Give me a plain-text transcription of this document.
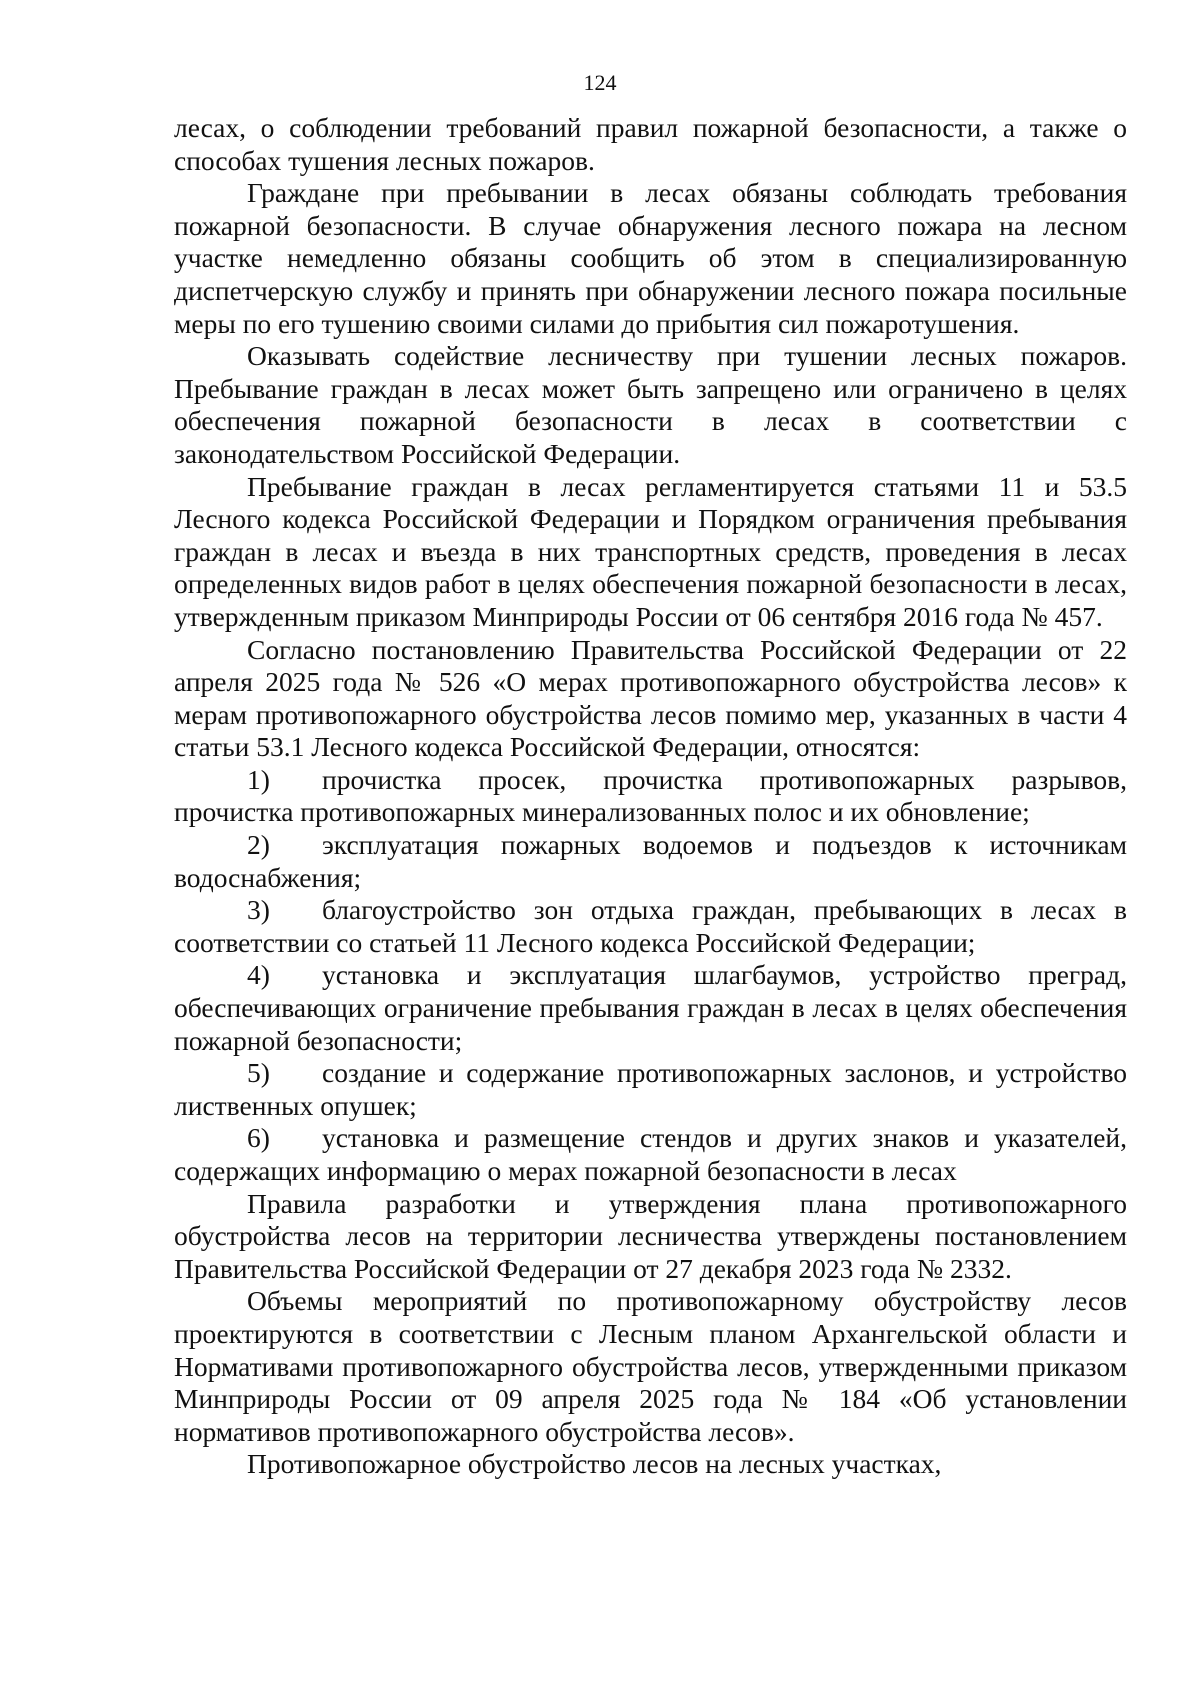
124

лесах, о соблюдении требований правил пожарной безопасности, а также о способах тушения лесных пожаров.

Граждане при пребывании в лесах обязаны соблюдать требования пожарной безопасности. В случае обнаружения лесного пожара на лесном участке немедленно обязаны сообщить об этом в специализированную диспетчерскую службу и принять при обнаружении лесного пожара посильные меры по его тушению своими силами до прибытия сил пожаротушения.

Оказывать содействие лесничеству при тушении лесных пожаров. Пребывание граждан в лесах может быть запрещено или ограничено в целях обеспечения пожарной безопасности в лесах в соответствии с законодательством Российской Федерации.

Пребывание граждан в лесах регламентируется статьями 11 и 53.5 Лесного кодекса Российской Федерации и Порядком ограничения пребывания граждан в лесах и въезда в них транспортных средств, проведения в лесах определенных видов работ в целях обеспечения пожарной безопасности в лесах, утвержденным приказом Минприроды России от 06 сентября 2016 года № 457.

Согласно постановлению Правительства Российской Федерации от 22 апреля 2025 года № 526 «О мерах противопожарного обустройства лесов» к мерам противопожарного обустройства лесов помимо мер, указанных в части 4 статьи 53.1 Лесного кодекса Российской Федерации, относятся:

1) прочистка просек, прочистка противопожарных разрывов, прочистка противопожарных минерализованных полос и их обновление;

2) эксплуатация пожарных водоемов и подъездов к источникам водоснабжения;

3) благоустройство зон отдыха граждан, пребывающих в лесах в соответствии со статьей 11 Лесного кодекса Российской Федерации;

4) установка и эксплуатация шлагбаумов, устройство преград, обеспечивающих ограничение пребывания граждан в лесах в целях обеспечения пожарной безопасности;

5) создание и содержание противопожарных заслонов, и устройство лиственных опушек;

6) установка и размещение стендов и других знаков и указателей, содержащих информацию о мерах пожарной безопасности в лесах

Правила разработки и утверждения плана противопожарного обустройства лесов на территории лесничества утверждены постановлением Правительства Российской Федерации от 27 декабря 2023 года № 2332.

Объемы мероприятий по противопожарному обустройству лесов проектируются в соответствии с Лесным планом Архангельской области и Нормативами противопожарного обустройства лесов, утвержденными приказом Минприроды России от 09 апреля 2025 года № 184 «Об установлении нормативов противопожарного обустройства лесов».

Противопожарное обустройство лесов на лесных участках,
